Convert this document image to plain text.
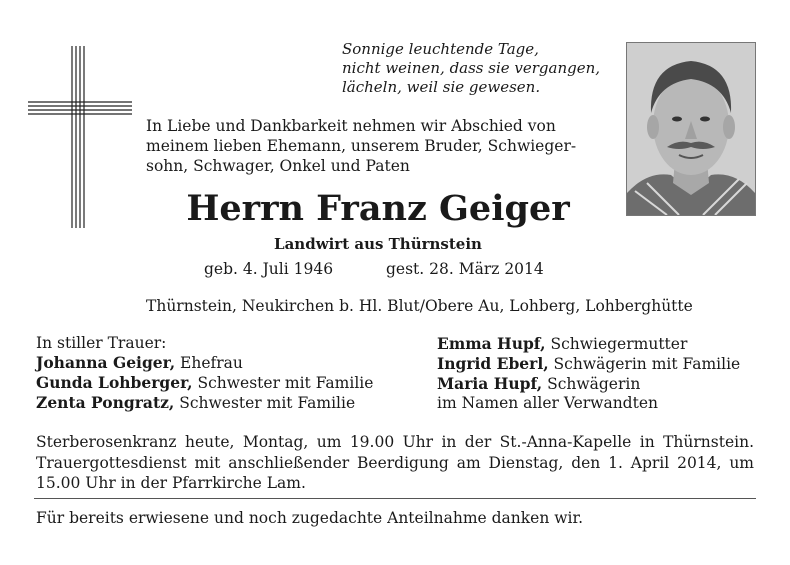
Sonnige leuchtende Tage,
nicht weinen, dass sie vergangen,
lächeln, weil sie gewesen.
In Liebe und Dankbarkeit nehmen wir Abschied von
meinem lieben Ehemann, unserem Bruder, Schwieger-
sohn, Schwager, Onkel und Paten
Herrn Franz Geiger
Landwirt aus Thürnstein
geb. 4. Juli 1946	gest. 28. März 2014
Thürnstein, Neukirchen b. Hl. Blut/Obere Au, Lohberg, Lohberghütte
In stiller Trauer:
Johanna Geiger, Ehefrau
Gunda Lohberger, Schwester mit Familie
Zenta Pongratz, Schwester mit Familie
Emma Hupf, Schwiegermutter
Ingrid Eberl, Schwägerin mit Familie
Maria Hupf, Schwägerin
im Namen aller Verwandten
Sterberosenkranz heute, Montag, um 19.00 Uhr in der St.-Anna-Kapelle in Thürnstein. Trauergottesdienst mit anschließender Beerdigung am Dienstag, den 1. April 2014, um 15.00 Uhr in der Pfarrkirche Lam.
Für bereits erwiesene und noch zugedachte Anteilnahme danken wir.
